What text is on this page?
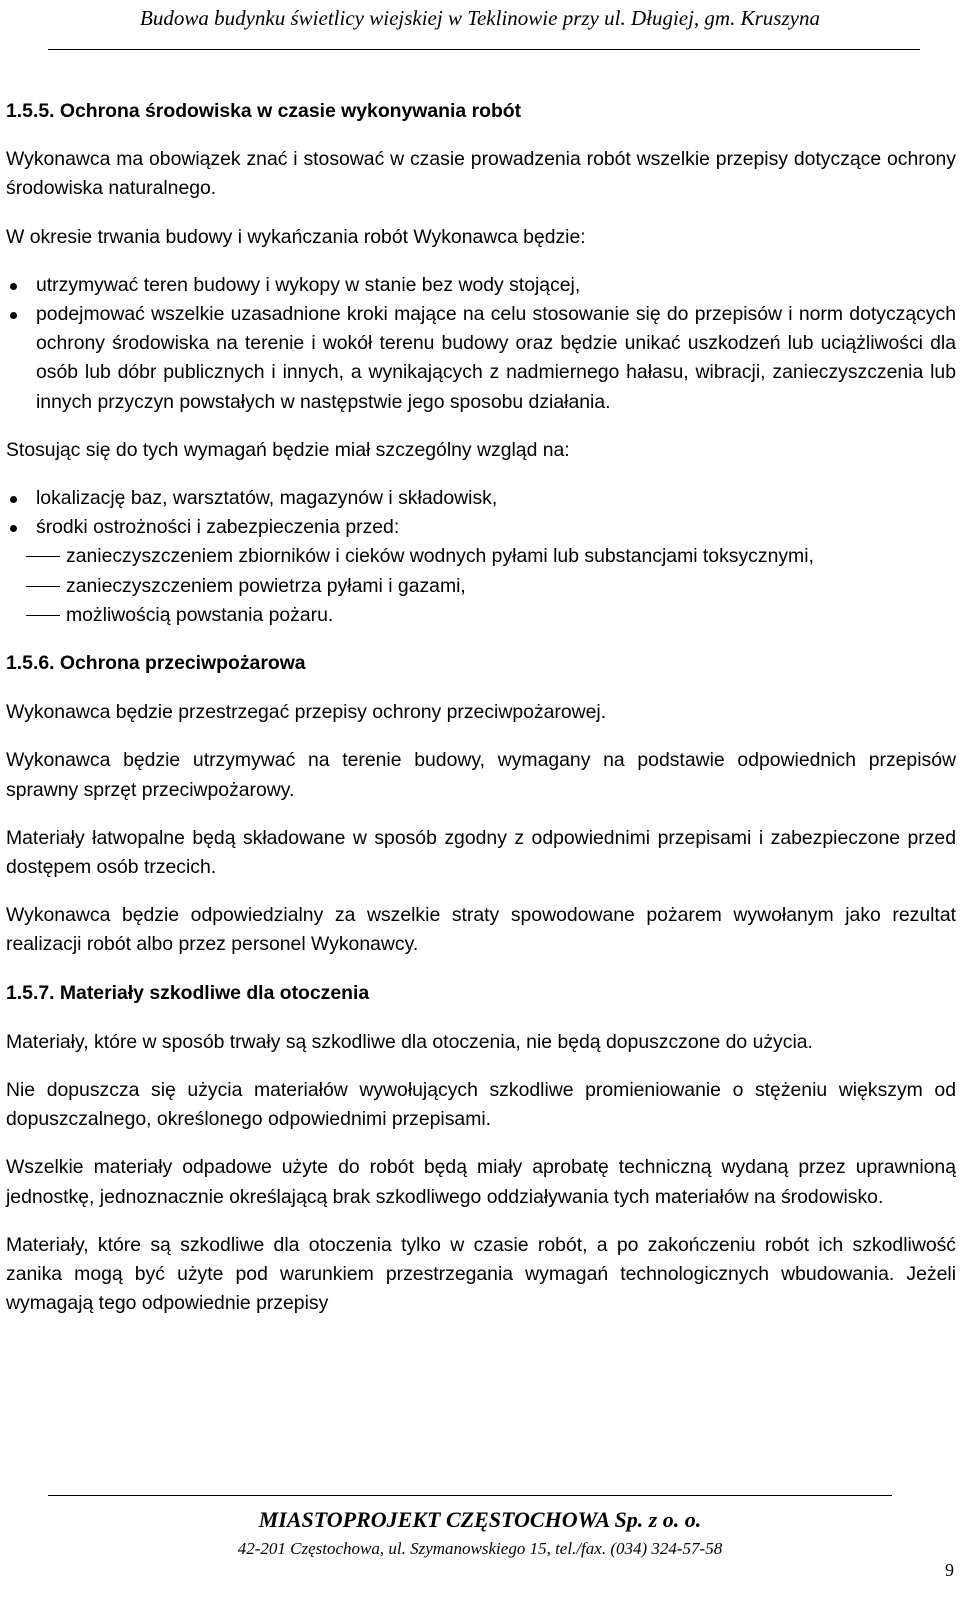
Budowa budynku świetlicy wiejskiej w Teklinowie przy ul. Długiej, gm. Kruszyna
1.5.5. Ochrona środowiska w czasie wykonywania robót

Wykonawca ma obowiązek znać i stosować w czasie prowadzenia robót wszelkie przepisy dotyczące ochrony środowiska naturalnego.

W okresie trwania budowy i wykańczania robót Wykonawca będzie:

utrzymywać teren budowy i wykopy w stanie bez wody stojącej,
podejmować wszelkie uzasadnione kroki mające na celu stosowanie się do przepisów i norm dotyczących ochrony środowiska na terenie i wokół terenu budowy oraz będzie unikać uszkodzeń lub uciążliwości dla osób lub dóbr publicznych i innych, a wynikających z nadmiernego hałasu, wibracji, zanieczyszczenia lub innych przyczyn powstałych w następstwie jego sposobu działania.

Stosując się do tych wymagań będzie miał szczególny wzgląd na:

lokalizację baz, warsztatów, magazynów i składowisk,
środki ostrożności i zabezpieczenia przed:
zanieczyszczeniem zbiorników i cieków wodnych pyłami lub substancjami toksycznymi,
zanieczyszczeniem powietrza pyłami i gazami,
możliwością powstania pożaru.
1.5.6. Ochrona przeciwpożarowa

Wykonawca będzie przestrzegać przepisy ochrony przeciwpożarowej.

Wykonawca będzie utrzymywać na terenie budowy, wymagany na podstawie odpowiednich przepisów sprawny sprzęt przeciwpożarowy.

Materiały łatwopalne będą składowane w sposób zgodny z odpowiednimi przepisami i zabezpieczone przed dostępem osób trzecich.

Wykonawca będzie odpowiedzialny za wszelkie straty spowodowane pożarem wywołanym jako rezultat realizacji robót albo przez personel Wykonawcy.

1.5.7. Materiały szkodliwe dla otoczenia

Materiały, które w sposób trwały są szkodliwe dla otoczenia, nie będą dopuszczone do użycia.

Nie dopuszcza się użycia materiałów wywołujących szkodliwe promieniowanie o stężeniu większym od dopuszczalnego, określonego odpowiednimi przepisami.

Wszelkie materiały odpadowe użyte do robót będą miały aprobatę techniczną wydaną przez uprawnioną jednostkę, jednoznacznie określającą brak szkodliwego oddziaływania tych materiałów na środowisko.

Materiały, które są szkodliwe dla otoczenia tylko w czasie robót, a po zakończeniu robót ich szkodliwość zanika mogą być użyte pod warunkiem przestrzegania wymagań technologicznych wbudowania. Jeżeli wymagają tego odpowiednie przepisy

MIASTOPROJEKT CZĘSTOCHOWA Sp. z o. o.
42-201 Częstochowa, ul. Szymanowskiego 15, tel./fax. (034) 324-57-58
9
